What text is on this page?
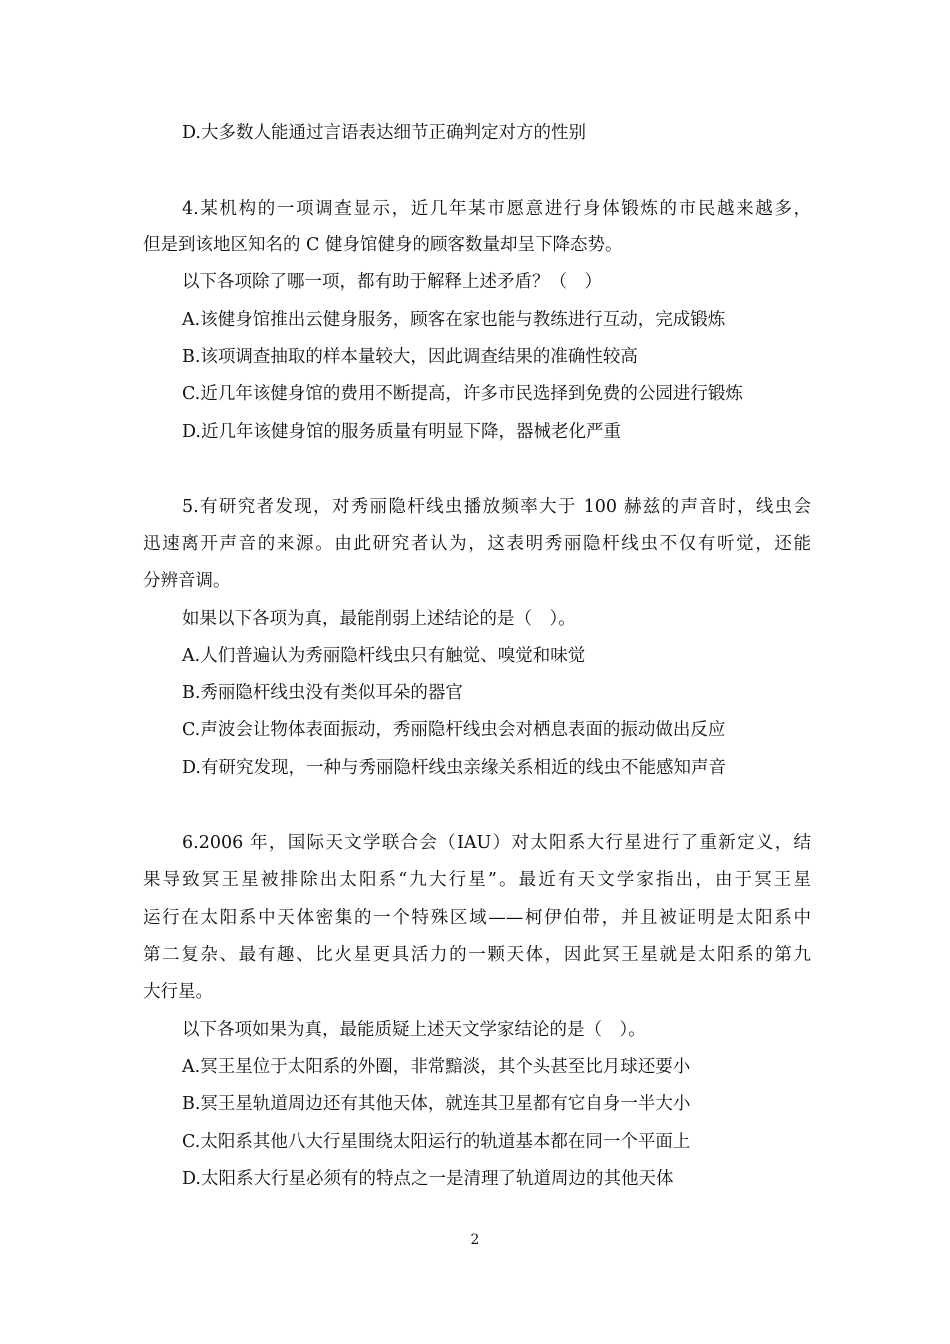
D.大多数人能通过言语表达细节正确判定对方的性别
4.某机构的一项调查显示，近几年某市愿意进行身体锻炼的市民越来越多，
但是到该地区知名的 C 健身馆健身的顾客数量却呈下降态势。
以下各项除了哪一项，都有助于解释上述矛盾？（　）
A.该健身馆推出云健身服务，顾客在家也能与教练进行互动，完成锻炼
B.该项调查抽取的样本量较大，因此调查结果的准确性较高
C.近几年该健身馆的费用不断提高，许多市民选择到免费的公园进行锻炼
D.近几年该健身馆的服务质量有明显下降，器械老化严重
5.有研究者发现，对秀丽隐杆线虫播放频率大于 100 赫兹的声音时，线虫会
迅速离开声音的来源。由此研究者认为，这表明秀丽隐杆线虫不仅有听觉，还能
分辨音调。
如果以下各项为真，最能削弱上述结论的是（　）。
A.人们普遍认为秀丽隐杆线虫只有触觉、嗅觉和味觉
B.秀丽隐杆线虫没有类似耳朵的器官
C.声波会让物体表面振动，秀丽隐杆线虫会对栖息表面的振动做出反应
D.有研究发现，一种与秀丽隐杆线虫亲缘关系相近的线虫不能感知声音
6.2006 年，国际天文学联合会（IAU）对太阳系大行星进行了重新定义，结
果导致冥王星被排除出太阳系“九大行星”。最近有天文学家指出，由于冥王星
运行在太阳系中天体密集的一个特殊区域——柯伊伯带，并且被证明是太阳系中
第二复杂、最有趣、比火星更具活力的一颗天体，因此冥王星就是太阳系的第九
大行星。
以下各项如果为真，最能质疑上述天文学家结论的是（　）。
A.冥王星位于太阳系的外圈，非常黯淡，其个头甚至比月球还要小
B.冥王星轨道周边还有其他天体，就连其卫星都有它自身一半大小
C.太阳系其他八大行星围绕太阳运行的轨道基本都在同一个平面上
D.太阳系大行星必须有的特点之一是清理了轨道周边的其他天体
2
